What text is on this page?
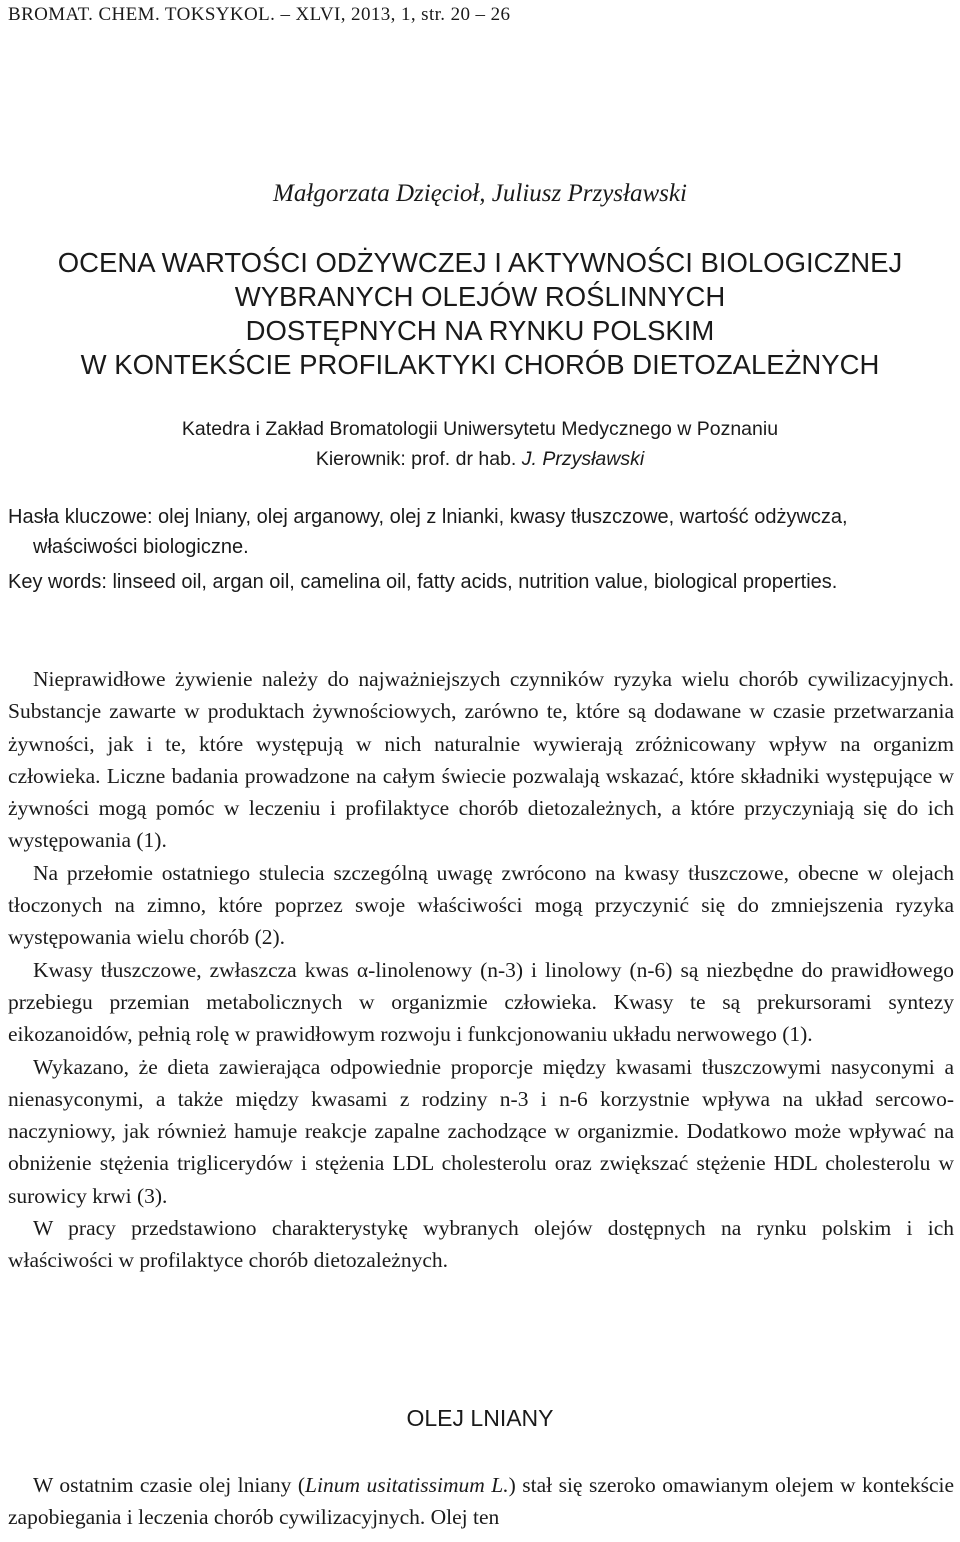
BROMAT. CHEM. TOKSYKOL. – XLVI, 2013, 1, str. 20 – 26
Małgorzata Dzięcioł, Juliusz Przysławski
OCENA WARTOŚCI ODŻYWCZEJ I AKTYWNOŚCI BIOLOGICZNEJ
WYBRANYCH OLEJÓW ROŚLINNYCH
DOSTĘPNYCH NA RYNKU POLSKIM
W KONTEKŚCIE PROFILAKTYKI CHORÓB DIETOZALEŻNYCH
Katedra i Zakład Bromatologii Uniwersytetu Medycznego w Poznaniu
Kierownik: prof. dr hab. J. Przysławski

Hasła kluczowe: olej lniany, olej arganowy, olej z lnianki, kwasy tłuszczowe, wartość odżywcza, właściwości biologiczne.

Key words: linseed oil, argan oil, camelina oil, fatty acids, nutrition value, biological properties.

Nieprawidłowe żywienie należy do najważniejszych czynników ryzyka wielu chorób cywilizacyjnych. Substancje zawarte w produktach żywnościowych, zarówno te, które są dodawane w czasie przetwarzania żywności, jak i te, które występują w nich naturalnie wywierają zróżnicowany wpływ na organizm człowieka. Liczne badania prowadzone na całym świecie pozwalają wskazać, które składniki występujące w żywności mogą pomóc w leczeniu i profilaktyce chorób dietozależnych, a które przyczyniają się do ich występowania (1).

Na przełomie ostatniego stulecia szczególną uwagę zwrócono na kwasy tłuszczowe, obecne w olejach tłoczonych na zimno, które poprzez swoje właściwości mogą przyczynić się do zmniejszenia ryzyka występowania wielu chorób (2).

Kwasy tłuszczowe, zwłaszcza kwas α-linolenowy (n-3) i linolowy (n-6) są niezbędne do prawidłowego przebiegu przemian metabolicznych w organizmie człowieka. Kwasy te są prekursorami syntezy eikozanoidów, pełnią rolę w prawidłowym rozwoju i funkcjonowaniu układu nerwowego (1).

Wykazano, że dieta zawierająca odpowiednie proporcje między kwasami tłuszczowymi nasyconymi a nienasyconymi, a także między kwasami z rodziny n-3 i n-6 korzystnie wpływa na układ sercowo-naczyniowy, jak również hamuje reakcje zapalne zachodzące w organizmie. Dodatkowo może wpływać na obniżenie stężenia triglicerydów i stężenia LDL cholesterolu oraz zwiększać stężenie HDL cholesterolu w surowicy krwi (3).

W pracy przedstawiono charakterystykę wybranych olejów dostępnych na rynku polskim i ich właściwości w profilaktyce chorób dietozależnych.

OLEJ LNIANY

W ostatnim czasie olej lniany (Linum usitatissimum L.) stał się szeroko omawianym olejem w kontekście zapobiegania i leczenia chorób cywilizacyjnych. Olej ten
